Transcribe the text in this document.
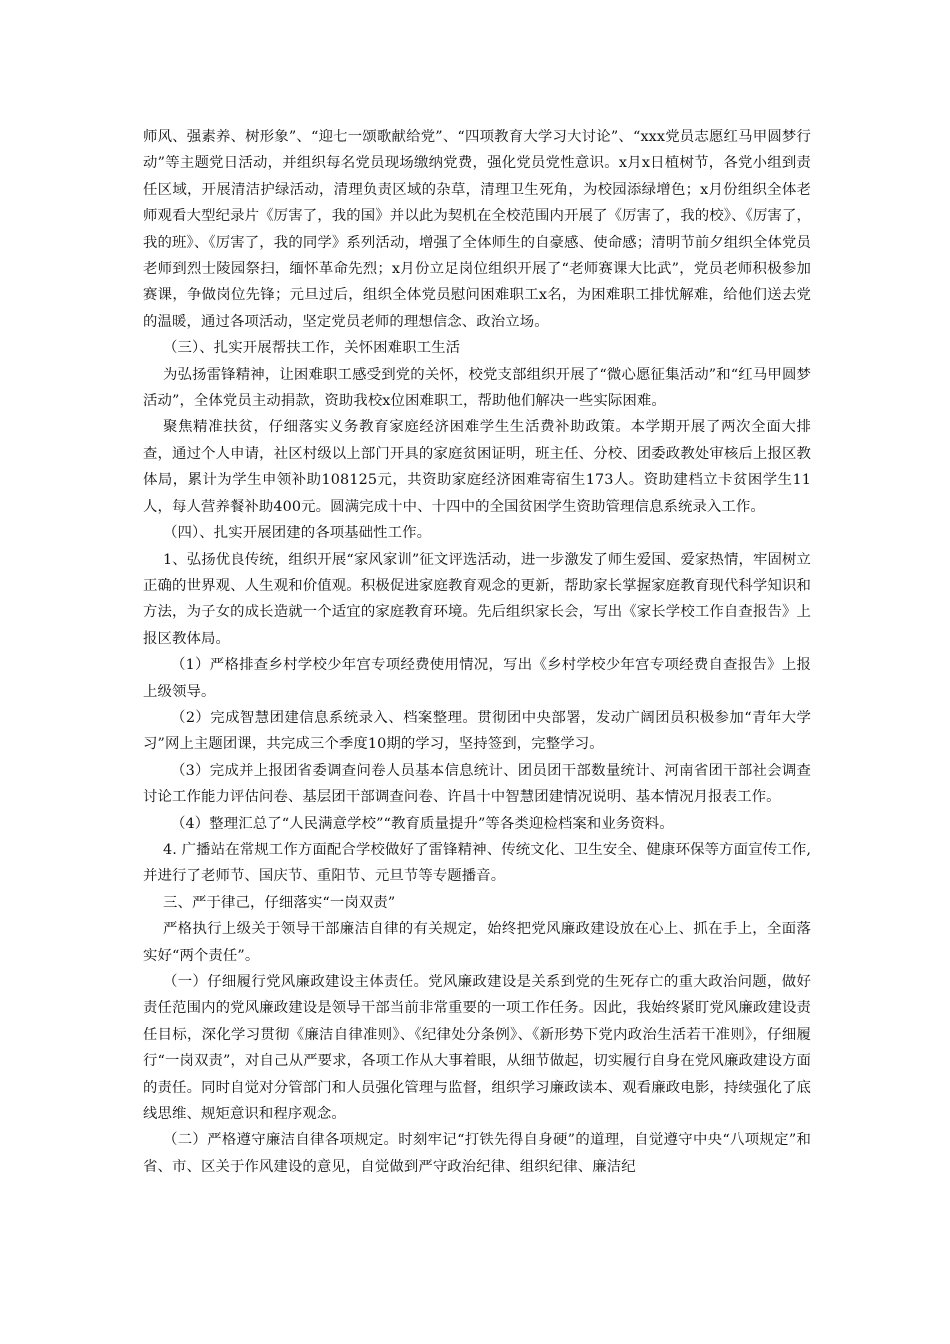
师风、强素养、树形象”、“迎七一颂歌献给党”、“四项教育大学习大讨论”、“xxx党员志愿红马甲圆梦行动”等主题党日活动，并组织每名党员现场缴纳党费，强化党员党性意识。x月x日植树节，各党小组到责任区域，开展清洁护绿活动，清理负责区域的杂草，清理卫生死角，为校园添绿增色；x月份组织全体老师观看大型纪录片《厉害了，我的国》并以此为契机在全校范围内开展了《厉害了，我的校》、《厉害了，我的班》、《厉害了，我的同学》系列活动，增强了全体师生的自豪感、使命感；清明节前夕组织全体党员老师到烈士陵园祭扫，缅怀革命先烈；x月份立足岗位组织开展了“老师赛课大比武”，党员老师积极参加赛课，争做岗位先锋；元旦过后，组织全体党员慰问困难职工x名，为困难职工排忧解难，给他们送去党的温暖，通过各项活动，坚定党员老师的理想信念、政治立场。

（三）、扎实开展帮扶工作，关怀困难职工生活

为弘扬雷锋精神，让困难职工感受到党的关怀，校党支部组织开展了“微心愿征集活动”和“红马甲圆梦活动”，全体党员主动捐款，资助我校x位困难职工，帮助他们解决一些实际困难。

聚焦精准扶贫，仔细落实义务教育家庭经济困难学生生活费补助政策。本学期开展了两次全面大排查，通过个人申请，社区村级以上部门开具的家庭贫困证明，班主任、分校、团委政教处审核后上报区教体局，累计为学生申领补助108125元，共资助家庭经济困难寄宿生173人。资助建档立卡贫困学生11人，每人营养餐补助400元。圆满完成十中、十四中的全国贫困学生资助管理信息系统录入工作。

（四）、扎实开展团建的各项基础性工作。

1、弘扬优良传统，组织开展“家风家训”征文评选活动，进一步激发了师生爱国、爱家热情，牢固树立正确的世界观、人生观和价值观。积极促进家庭教育观念的更新，帮助家长掌握家庭教育现代科学知识和方法，为子女的成长造就一个适宜的家庭教育环境。先后组织家长会，写出《家长学校工作自查报告》上报区教体局。

（1）严格排查乡村学校少年宫专项经费使用情况，写出《乡村学校少年宫专项经费自查报告》上报上级领导。

（2）完成智慧团建信息系统录入、档案整理。贯彻团中央部署，发动广阔团员积极参加“青年大学习”网上主题团课，共完成三个季度10期的学习，坚持签到，完整学习。

（3）完成并上报团省委调查问卷人员基本信息统计、团员团干部数量统计、河南省团干部社会调查讨论工作能力评估问卷、基层团干部调查问卷、许昌十中智慧团建情况说明、基本情况月报表工作。

（4）整理汇总了“人民满意学校”“教育质量提升”等各类迎检档案和业务资料。

4. 广播站在常规工作方面配合学校做好了雷锋精神、传统文化、卫生安全、健康环保等方面宣传工作,并进行了老师节、国庆节、重阳节、元旦节等专题播音。

三、严于律己，仔细落实“一岗双责”

严格执行上级关于领导干部廉洁自律的有关规定，始终把党风廉政建设放在心上、抓在手上，全面落实好“两个责任”。

（一）仔细履行党风廉政建设主体责任。党风廉政建设是关系到党的生死存亡的重大政治问题，做好责任范围内的党风廉政建设是领导干部当前非常重要的一项工作任务。因此，我始终紧盯党风廉政建设责任目标，深化学习贯彻《廉洁自律准则》、《纪律处分条例》、《新形势下党内政治生活若干准则》，仔细履行“一岗双责”，对自己从严要求，各项工作从大事着眼，从细节做起，切实履行自身在党风廉政建设方面的责任。同时自觉对分管部门和人员强化管理与监督，组织学习廉政读本、观看廉政电影，持续强化了底线思维、规矩意识和程序观念。

（二）严格遵守廉洁自律各项规定。时刻牢记“打铁先得自身硬”的道理，自觉遵守中央“八项规定”和省、市、区关于作风建设的意见，自觉做到严守政治纪律、组织纪律、廉洁纪
